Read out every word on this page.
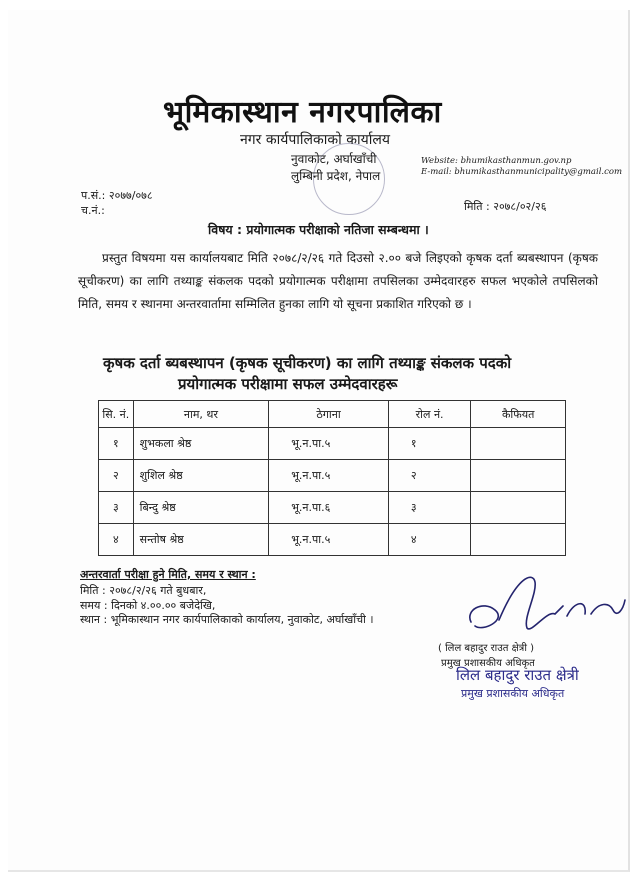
भूमिकास्थान नगरपालिका
नगर कार्यपालिकाको कार्यालय
नुवाकोट, अर्घाखाँची
लुम्बिनी प्रदेश, नेपाल
Website: bhumikasthanmun.gov.np
E-mail: bhumikasthanmunicipality@gmail.com
प.सं.: २०७७/०७८
च.नं.:	मिति : २०७८/०२/२६
विषय : प्रयोगात्मक परीक्षाको नतिजा सम्बन्धमा ।
प्रस्तुत विषयमा यस कार्यालयबाट मिति २०७८/२/२६ गते दिउसो २.०० बजे लिइएको कृषक दर्ता ब्यबस्थापन (कृषक सूचीकरण) का लागि तथ्याङ्क संकलक पदको प्रयोगात्मक परीक्षामा तपसिलका उम्मेदवारहरु सफल भएकोले तपसिलको मिति, समय र स्थानमा अन्तरवार्तामा सम्मिलित हुनका लागि यो सूचना प्रकाशित गरिएको छ ।
कृषक दर्ता ब्यबस्थापन (कृषक सूचीकरण) का लागि तथ्याङ्क संकलक पदको
प्रयोगात्मक परीक्षामा सफल उम्मेदवारहरू
सि. नं.	नाम, थर	ठेगाना	रोल नं.	कैफियत
१	शुभकला श्रेष्ठ	भू.न.पा.५	१	
२	शुशिल श्रेष्ठ	भू.न.पा.५	२	
३	बिन्दु श्रेष्ठ	भू.न.पा.६	३	
४	सन्तोष श्रेष्ठ	भू.न.पा.५	४	
अन्तरवार्ता परीक्षा हुने मिति, समय र स्थान :
मिति : २०७८/२/२६ गते बुधबार,
समय : दिनको ४.००.०० बजेदेखि,
स्थान : भूमिकास्थान नगर कार्यपालिकाको कार्यालय, नुवाकोट, अर्घाखाँची ।
( लिल बहादुर राउत क्षेत्री )
प्रमुख प्रशासकीय अधिकृत
लिल बहादुर राउत क्षेत्री
प्रमुख प्रशासकीय अधिकृत
